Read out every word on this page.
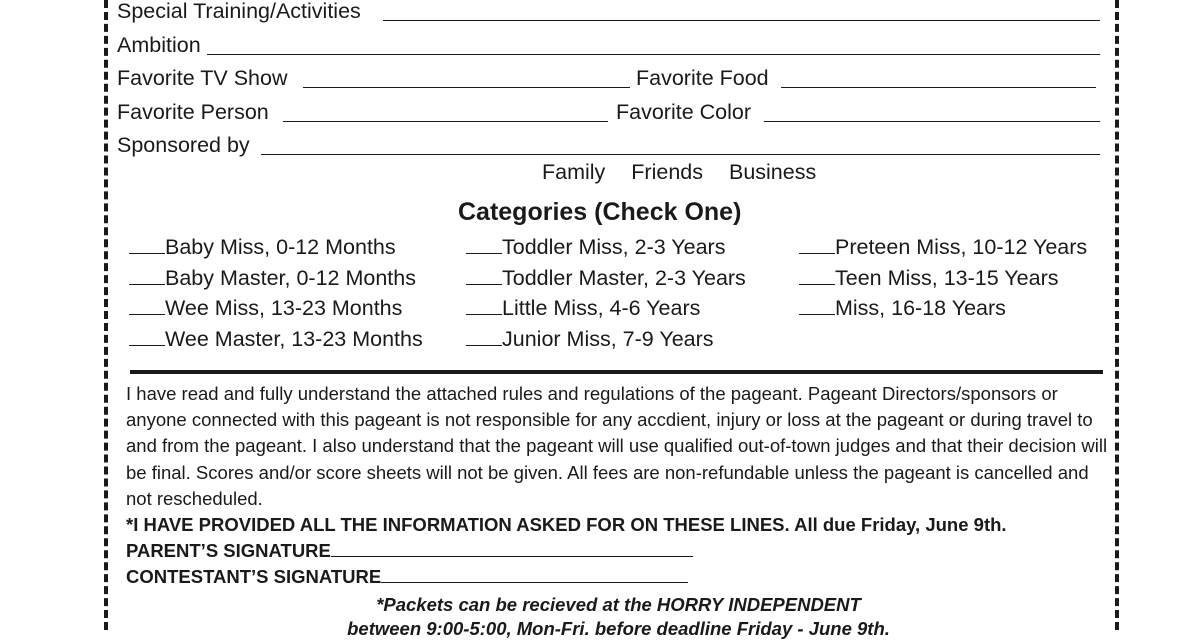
Special Training/Activities
Ambition
Favorite TV Show	Favorite Food
Favorite Person	Favorite Color
Sponsored by
Family Friends Business
Categories (Check One)
Baby Miss, 0-12 Months
Baby Master, 0-12 Months
Wee Miss, 13-23 Months
Wee Master, 13-23 Months
Toddler Miss, 2-3 Years
Toddler Master, 2-3 Years
Little Miss, 4-6 Years
Junior Miss, 7-9 Years
Preteen Miss, 10-12 Years
Teen Miss, 13-15 Years
Miss, 16-18 Years

I have read and fully understand the attached rules and regulations of the pageant. Pageant Directors/sponsors or anyone connected with this pageant is not responsible for any accdient, injury or loss at the pageant or during travel to and from the pageant. I also understand that the pageant will use qualified out-of-town judges and that their decision will be final. Scores and/or score sheets will not be given. All fees are non-refundable unless the pageant is cancelled and not rescheduled.

*I HAVE PROVIDED ALL THE INFORMATION ASKED FOR ON THESE LINES. All due Friday, June 9th.
PARENT’S SIGNATURE
CONTESTANT’S SIGNATURE
*Packets can be recieved at the HORRY INDEPENDENT
between 9:00-5:00, Mon-Fri. before deadline Friday - June 9th.
